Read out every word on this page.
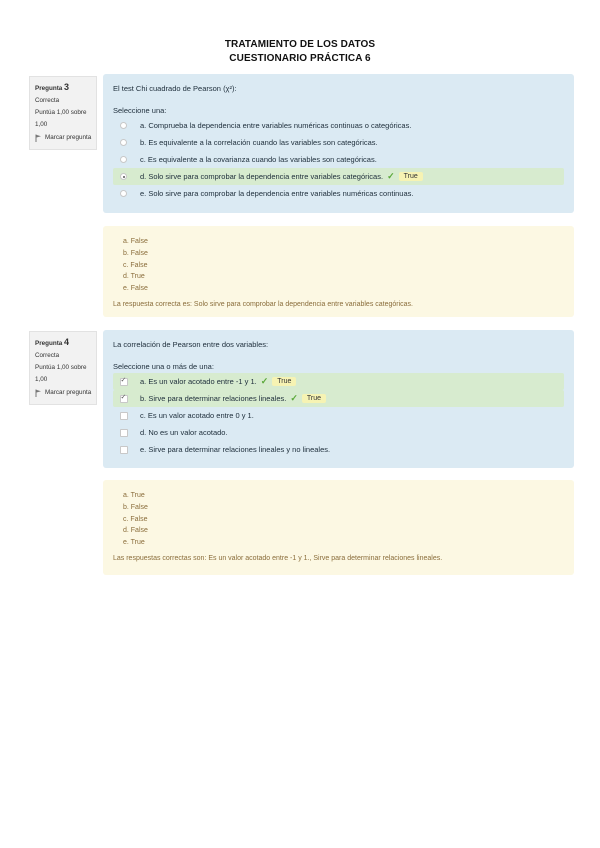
TRATAMIENTO DE LOS DATOS
CUESTIONARIO PRÁCTICA 6
Pregunta 3
Correcta
Puntúa 1,00 sobre 1,00
Marcar pregunta
El test Chi cuadrado de Pearson (χ²):
Seleccione una:
a. Comprueba la dependencia entre variables numéricas continuas o categóricas.
b. Es equivalente a la correlación cuando las variables son categóricas.
c. Es equivalente a la covarianza cuando las variables son categóricas.
d. Solo sirve para comprobar la dependencia entre variables categóricas. ✓	True
e. Solo sirve para comprobar la dependencia entre variables numéricas continuas.
a. False
b. False
c. False
d. True
e. False
La respuesta correcta es: Solo sirve para comprobar la dependencia entre variables categóricas.
Pregunta 4
Correcta
Puntúa 1,00 sobre 1,00
Marcar pregunta
La correlación de Pearson entre dos variables:
Seleccione una o más de una:
✓
a. Es un valor acotado entre -1 y 1. ✓	True
✓
b. Sirve para determinar relaciones lineales. ✓	True
c. Es un valor acotado entre 0 y 1.
d. No es un valor acotado.
e. Sirve para determinar relaciones lineales y no lineales.
a. True
b. False
c. False
d. False
e. True
Las respuestas correctas son: Es un valor acotado entre -1 y 1., Sirve para determinar relaciones lineales.
